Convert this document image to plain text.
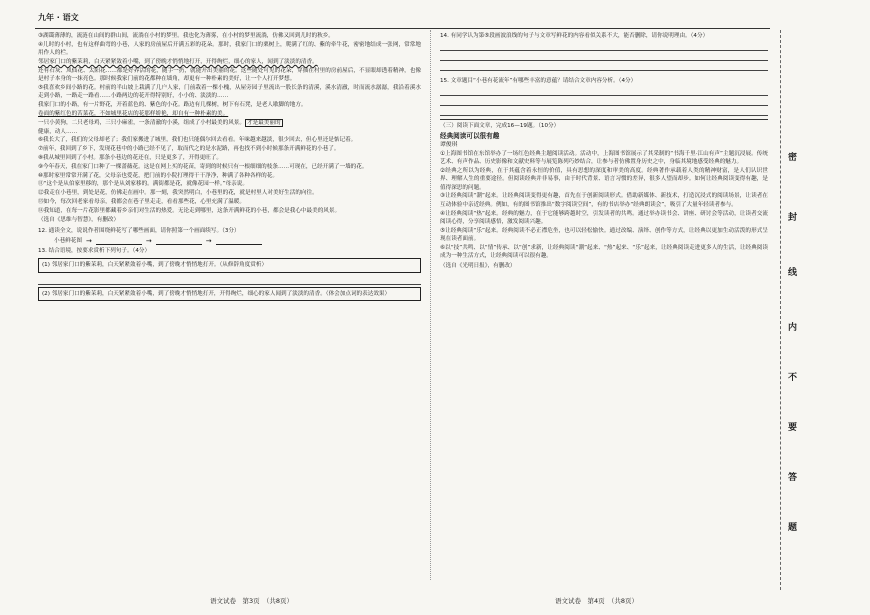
九年 · 语文

③湖霭薄薄的，流涟在山间的群山间，流淌在小村的梦里。我也化为薄雾，在小村的梦里流淌，仿佛又回到儿时的秋乡。

④儿时的小村，也有这样曲弯的小巷，人家的房前屋后开满五彩的花朵。那时，我家门口的栗树上，爬满了红的、紫的牵牛花，密密地结成一张网，常常地用作人的栏。

邻居家门口的紫茉莉，白天紧紧敛着小嘴，到了傍晚才悄悄地打开，开得绚烂，细心的家人，闻到了淡淡的清香。

还有石灰、凤仙花、太阳花……都是好养活的花，随手一扔，就能开出美丽的花。这些随处可见的花朵，穿插在村里的房前屋后，不显眼却透着精神，也像是村子本身的一抹亮色。那时候我家门前的花都种在墙角，却更有一种朴素的美好，让一个人打开梦想。

⑤我喜欢乡间小路的花。村前的半山坡上栽满了几户人家，门前栽着一棵小槐，从屋旁园子里流出一股长条的清溪，溪水清澈，时而流水潺潺，我沿着溪水走到小路，一路走一路看……小路两边的花开得特别好，小小的、淡淡的……

我家门口的小路，有一片野花，开着蓝色的、紫色的小花。路边有几棵树，树下有石凳，是老人歇脚的地方。

卷面的紫红色的苦菜花，不如城里花店的花那样娇艳，却自有一种朴素的美。

一只小黄狗，二只老母鸡，三只小麻雀，一条清澈的小溪，组成了小村最美的风景。 才是最美丽的

健康，动人……

⑥我长大了，我们的父母却老了；我们家搬进了城里，我们也只能偶尔回去看看。年味越来越淡，很少回去，但心里还是惦记着。

⑦前年，我回到了乡下，发现花巷中的小路已经不见了，取而代之的是水泥路，再也找不到小时候那条开满鲜花的小巷了。

⑧我从城里回到了小村。那条小巷边的花还在，只是更多了，开得更旺了。

⑨今年春天，我在家门口种了一棵蔷薇花。这是在网上买的花苗，寄到的时候只有一根细细的枝条……可现在，已经开满了一墙的花。

⑩那时家里常常开满了花，父母亲也爱花，把门前的小院打理得干干净净，种满了各种各样的花。

⑪“这个是从伯家里移的，那个是从刘家移的。满街都是花，就像花园一样。”母亲说。

⑫我走在小巷里，到处是花，仿佛走在画中。那一刻，我突然明白，小巷里的花，就是村里人对美好生活的向往。

⑬如今，每次回老家看母亲，我都会在巷子里走走，看看那些花，心里充满了温暖。

⑭我知道，在每一片花影里都藏着乡亲们对生活的热爱。无论走到哪里，这条开满鲜花的小巷，都会是我心中最美的风景。

（选自《思维与智慧》，有删改）

12. 通读全文，说说作者围绕鲜花写了哪些画面，请你照第一个画面续写。（3分）

小巷鲜花图 →	→	→

13. 结合语境，按要求赏析下列句子。（4分）

(1) 邻居家门口的紫茉莉，白天紧紧敛着小嘴，到了傍晚才悄悄地打开。（从修辞角度赏析）

(2) 邻居家门口的紫茉莉，白天紧紧敛着小嘴，到了傍晚才悄悄地打开，开得绚烂，细心的家人闻到了淡淡的清香。（体会加点词的表达效果）

14. 有同学认为第⑤段画波浪线的句子与文章写鲜花的内容看似关系不大，能否删除，请你说明理由。（4分）

15. 文章题目“小巷有花流年”有哪些丰富的意蕴？请结合文章内容分析。（4分）

（三）阅读下面文章，完成16—19题。（10分）

经典阅读可以很有趣

谭俊琪

①上海图书馆在东馆举办了一场红色经典主题阅读活动。活动中，上海图书馆展示了其采制的“书海千里·江山有声”主题沉浸展。传统艺术、有声作品、历史影像和文献史料等与展览陈列巧妙结合，让参与者仿佛置身历史之中，身临其境地感受经典的魅力。

②经典之所以为经典，在于其蕴含着永恒的价值，具有思想的深度和审美的高度。经典著作承载着人类的精神财富，是人们认识世界、理解人生的重要途径。但阅读经典并非易事，由于时代背景、语言习惯的差异，很多人望而却步。如何让经典阅读变得有趣，是值得深思的问题。

③让经典阅读“潮”起来。让经典阅读变得更有趣，首先在于创新阅读形式。借助新媒体、新技术，打造沉浸式的阅读场景，让读者在互动体验中亲近经典。例如，有的图书馆推出“数字阅读空间”，有的书店举办“经典朗读会”，吸引了大量年轻读者参与。

④让经典阅读“热”起来。经典的魅力，在于它能够跨越时空，引发读者的共鸣。通过举办读书会、讲座、研讨会等活动，让读者交流阅读心得，分享阅读感悟，激发阅读兴趣。

⑤让经典阅读“乐”起来。经典阅读不必正襟危坐，也可以轻松愉快。通过改编、演绎、创作等方式，让经典以更加生动活泼的形式呈现在读者面前。

⑥以“技”共鸣、以“情”传承、以“创”求新，让经典阅读“潮”起来、“热”起来、“乐”起来，让经典阅读走进更多人的生活，让经典阅读成为一种生活方式，让经典阅读可以很有趣。

（选自《光明日报》，有删改）

密
封
线
内
不
要
答
题
语文试卷　第3页　（共8页）	语文试卷　第4页　（共8页）
